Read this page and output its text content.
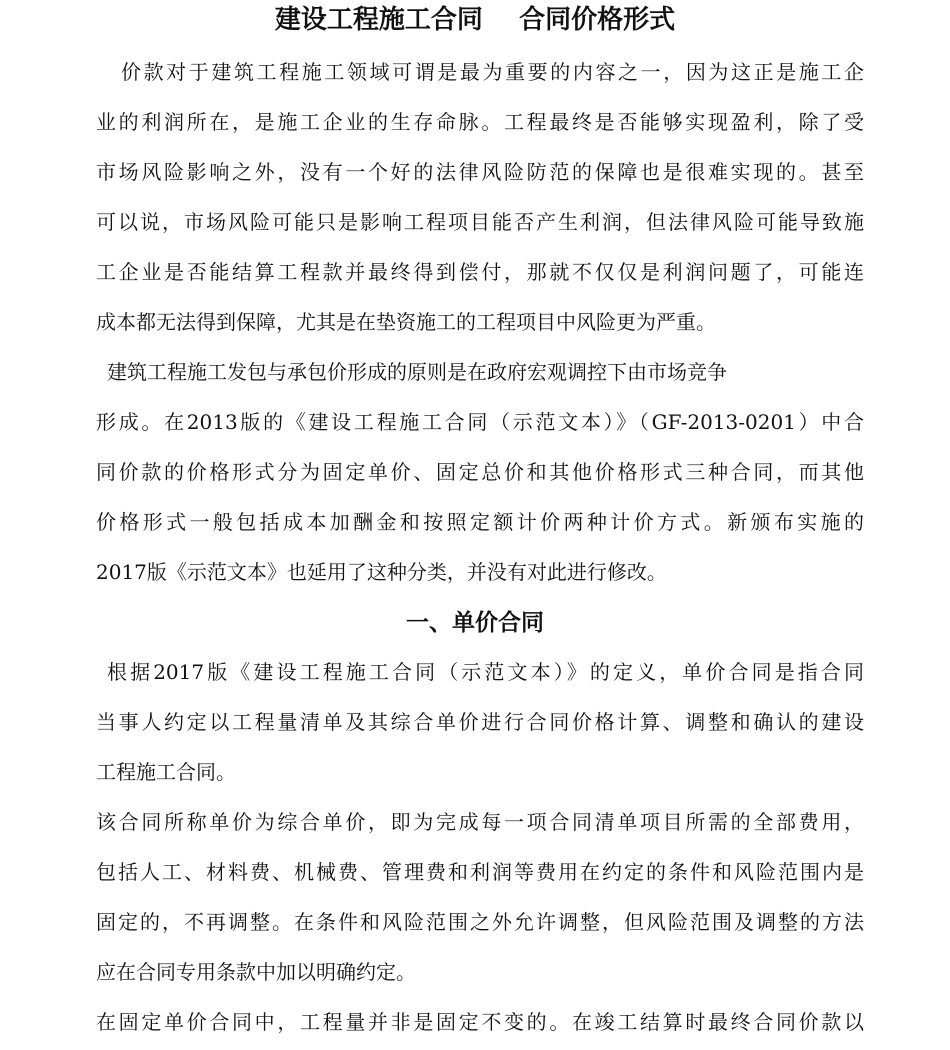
建设工程施工合同    合同价格形式

价款对于建筑工程施工领域可谓是最为重要的内容之一，因为这正是施工企

业的利润所在，是施工企业的生存命脉。工程最终是否能够实现盈利，除了受

市场风险影响之外，没有一个好的法律风险防范的保障也是很难实现的。甚至

可以说，市场风险可能只是影响工程项目能否产生利润，但法律风险可能导致施

工企业是否能结算工程款并最终得到偿付，那就不仅仅是利润问题了，可能连

成本都无法得到保障，尤其是在垫资施工的工程项目中风险更为严重。

建筑工程施工发包与承包价形成的原则是在政府宏观调控下由市场竞争

形成。在2013版的《建设工程施工合同（示范文本）》（GF-2013-0201）中合

同价款的价格形式分为固定单价、固定总价和其他价格形式三种合同，而其他

价格形式一般包括成本加酬金和按照定额计价两种计价方式。新颁布实施的

2017版《示范文本》也延用了这种分类，并没有对此进行修改。

一、单价合同

根据2017版《建设工程施工合同（示范文本）》的定义，单价合同是指合同

当事人约定以工程量清单及其综合单价进行合同价格计算、调整和确认的建设

工程施工合同。

该合同所称单价为综合单价，即为完成每一项合同清单项目所需的全部费用，

包括人工、材料费、机械费、管理费和利润等费用在约定的条件和风险范围内是

固定的，不再调整。在条件和风险范围之外允许调整，但风险范围及调整的方法

应在合同专用条款中加以明确约定。

在固定单价合同中，工程量并非是固定不变的。在竣工结算时最终合同价款以
